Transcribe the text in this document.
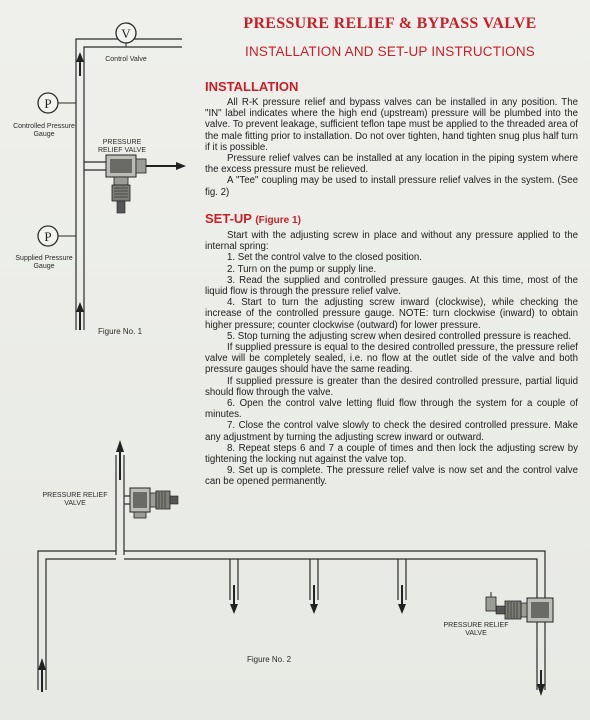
V
P
P
Control Valve
Controlled Pressure Gauge
PRESSURE RELIEF VALVE
Supplied Pressure Gauge
Figure No. 1
PRESSURE RELIEF VALVE
PRESSURE RELIEF VALVE
Figure No. 2
PRESSURE RELIEF & BYPASS VALVE
INSTALLATION AND SET-UP INSTRUCTIONS
INSTALLATION

All R-K pressure relief and bypass valves can be installed in any position. The "IN" label indicates where the high end (upstream) pressure will be plumbed into the valve. To prevent leakage, sufficient teflon tape must be applied to the threaded area of the male fitting prior to installation. Do not over tighten, hand tighten snug plus half turn if it is possible.

Pressure relief valves can be installed at any location in the piping system where the excess pressure must be relieved.

A "Tee" coupling may be used to install pressure relief valves in the system. (See fig. 2)

SET-UP (Figure 1)

Start with the adjusting screw in place and without any pressure applied to the internal spring:

1. Set the control valve to the closed position.

2. Turn on the pump or supply line.

3. Read the supplied and controlled pressure gauges. At this time, most of the liquid flow is through the pressure relief valve.

4. Start to turn the adjusting screw inward (clockwise), while checking the increase of the controlled pressure gauge. NOTE: turn clockwise (inward) to obtain higher pressure; counter clockwise (outward) for lower pressure.

5. Stop turning the adjusting screw when desired controlled pressure is reached.

If supplied pressure is equal to the desired controlled pressure, the pressure relief valve will be completely sealed, i.e. no flow at the outlet side of the valve and both pressure gauges should have the same reading.

If supplied pressure is greater than the desired controlled pressure, partial liquid should flow through the valve.

6. Open the control valve letting fluid flow through the system for a couple of minutes.

7. Close the control valve slowly to check the desired controlled pressure. Make any adjustment by turning the adjusting screw inward or outward.

8. Repeat steps 6 and 7 a couple of times and then lock the adjusting screw by tightening the locking nut against the valve top.

9. Set up is complete. The pressure relief valve is now set and the control valve can be opened permanently.
